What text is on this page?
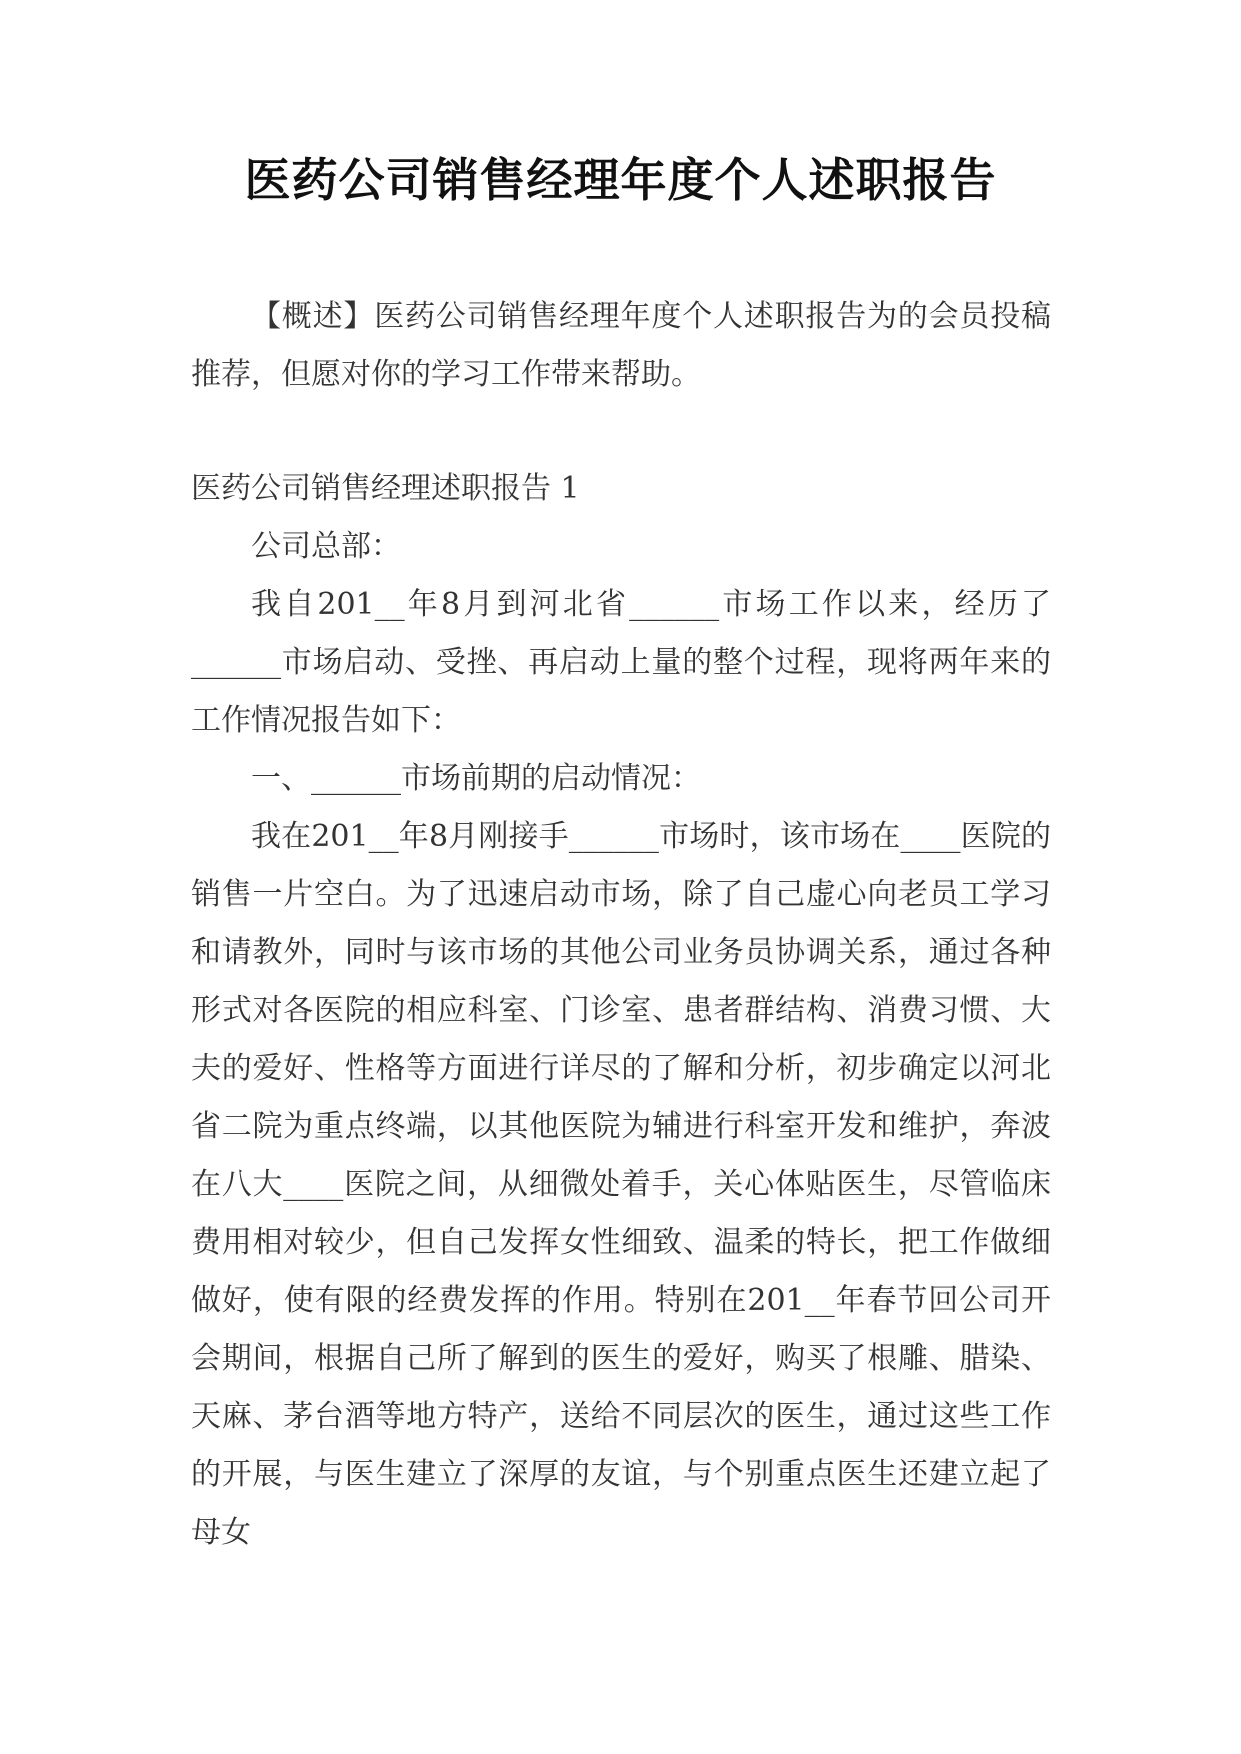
医药公司销售经理年度个人述职报告

【概述】医药公司销售经理年度个人述职报告为的会员投稿推荐，但愿对你的学习工作带来帮助。

医药公司销售经理述职报告 1

公司总部：

我自201__年8月到河北省______市场工作以来，经历了______市场启动、受挫、再启动上量的整个过程，现将两年来的工作情况报告如下：

一、______市场前期的启动情况：

我在201__年8月刚接手______市场时，该市场在____医院的销售一片空白。为了迅速启动市场，除了自己虚心向老员工学习和请教外，同时与该市场的其他公司业务员协调关系，通过各种形式对各医院的相应科室、门诊室、患者群结构、消费习惯、大夫的爱好、性格等方面进行详尽的了解和分析，初步确定以河北省二院为重点终端，以其他医院为辅进行科室开发和维护，奔波在八大____医院之间，从细微处着手，关心体贴医生，尽管临床费用相对较少，但自己发挥女性细致、温柔的特长，把工作做细做好，使有限的经费发挥的作用。特别在201__年春节回公司开会期间，根据自己所了解到的医生的爱好，购买了根雕、腊染、天麻、茅台酒等地方特产，送给不同层次的医生，通过这些工作的开展，与医生建立了深厚的友谊，与个别重点医生还建立起了母女
